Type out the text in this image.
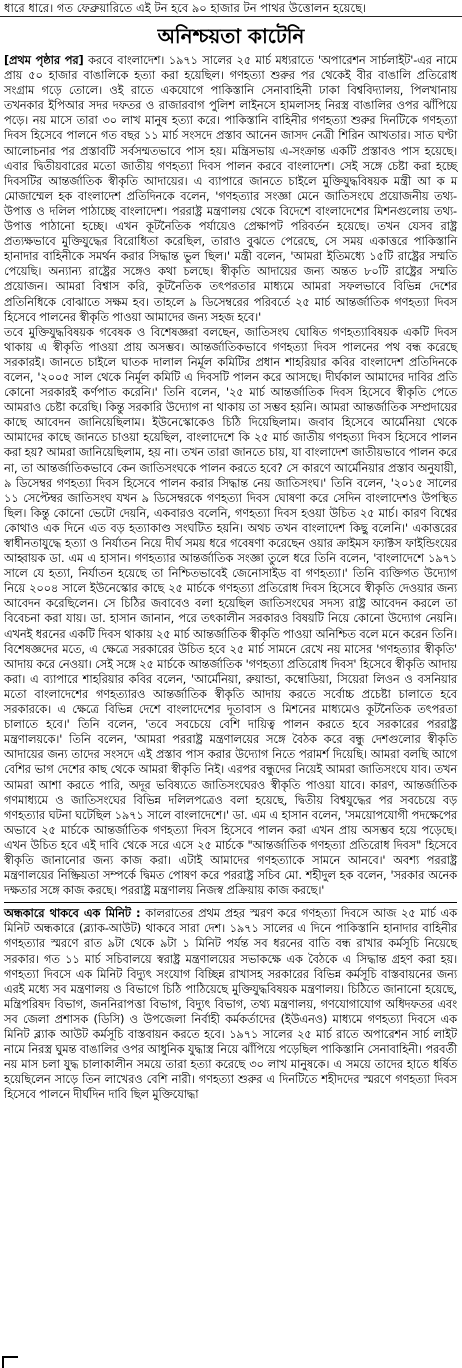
ধারে ধারে। গত ফেব্রুয়ারিতে এই টন হবে ৯০ হাজার টন পাথর উত্তোলন হয়েছে।
অনিশ্চয়তা কাটেনি

[প্রথম পৃষ্ঠার পর] করবে বাংলাদেশ। ১৯৭১ সালের ২৫ মার্চ মধ্যরাতে 'অপারেশন সার্চলাইট'-এর নামে প্রায় ৫০ হাজার বাঙালিকে হত্যা করা হয়েছিল। গণহত্যা শুরুর পর থেকেই বীর বাঙালি প্রতিরোধ সংগ্রাম গড়ে তোলে। ওই রাতে একযোগে পাকিস্তানি সেনাবাহিনী ঢাকা বিশ্ববিদ্যালয়, পিলখানায় তখনকার ইপিআর সদর দফতর ও রাজারবাগ পুলিশ লাইনসে হামলাসহ নিরস্ত্র বাঙালির ওপর ঝাঁপিয়ে পড়ে। নয় মাসে তারা ৩০ লাখ মানুষ হত্যা করে। পাকিস্তানি বাহিনীর গণহত্যা শুরুর দিনটিকে গণহত্যা দিবস হিসেবে পালনে গত বছর ১১ মার্চ সংসদে প্রস্তাব আনেন জাসদ নেত্রী শিরিন আখতার। সাত ঘণ্টা আলোচনার পর প্রস্তাবটি সর্বসম্মতভাবে পাস হয়। মন্ত্রিসভায় এ-সংক্রান্ত একটি প্রস্তাবও পাস হয়েছে। এবার দ্বিতীয়বারের মতো জাতীয় গণহত্যা দিবস পালন করবে বাংলাদেশ। সেই সঙ্গে চেষ্টা করা হচ্ছে দিবসটির আন্তর্জাতিক স্বীকৃতি আদায়ের। এ ব্যাপারে জানতে চাইলে মুক্তিযুদ্ধবিষয়ক মন্ত্রী আ ক ম মোজাম্মেল হক বাংলাদেশ প্রতিদিনকে বলেন, 'গণহত্যার সংজ্ঞা মেনে জাতিসংঘে প্রয়োজনীয় তথ্য-উপাত্ত ও দলিল পাঠাচ্ছে বাংলাদেশ। পররাষ্ট্র মন্ত্রণালয় থেকে বিদেশে বাংলাদেশের মিশনগুলোয় তথ্য-উপাত্ত পাঠানো হচ্ছে। এখন কূটনৈতিক পর্যায়েও প্রেক্ষাপট পরিবর্তন হয়েছে। তখন যেসব রাষ্ট্র প্রত্যক্ষভাবে মুক্তিযুদ্ধের বিরোধিতা করেছিল, তারাও বুঝতে পেরেছে, সে সময় একাত্তরে পাকিস্তানি হানাদার বাহিনীকে সমর্থন করার সিদ্ধান্ত ভুল ছিল।' মন্ত্রী বলেন, 'আমরা ইতিমধ্যে ১৫টি রাষ্ট্রের সম্মতি পেয়েছি। অন্যান্য রাষ্ট্রের সঙ্গেও কথা চলছে। স্বীকৃতি আদায়ের জন্য অন্তত ৮০টি রাষ্ট্রের সম্মতি প্রয়োজন। আমরা বিশ্বাস করি, কূটনৈতিক তৎপরতার মাধ্যমে আমরা সফলভাবে বিভিন্ন দেশের প্রতিনিধিকে বোঝাতে সক্ষম হব। তাহলে ৯ ডিসেম্বরের পরিবর্তে ২৫ মার্চ আন্তর্জাতিক গণহত্যা দিবস হিসেবে পালনের স্বীকৃতি পাওয়া আমাদের জন্য সহজ হবে।'

তবে মুক্তিযুদ্ধবিষয়ক গবেষক ও বিশেষজ্ঞরা বলছেন, জাতিসংঘ ঘোষিত গণহত্যাবিষয়ক একটি দিবস থাকায় এ স্বীকৃতি পাওয়া প্রায় অসম্ভব। আন্তর্জাতিকভাবে গণহত্যা দিবস পালনের পথ বন্ধ করেছে সরকারই। জানতে চাইলে ঘাতক দালাল নির্মূল কমিটির প্রধান শাহরিয়ার কবির বাংলাদেশ প্রতিদিনকে বলেন, '২০০৫ সাল থেকে নির্মূল কমিটি এ দিবসটি পালন করে আসছে। দীর্ঘকাল আমাদের দাবির প্রতি কোনো সরকারই কর্ণপাত করেনি।' তিনি বলেন, '২৫ মার্চ আন্তর্জাতিক দিবস হিসেবে স্বীকৃতি পেতে আমরাও চেষ্টা করেছি। কিন্তু সরকারি উদ্যোগ না থাকায় তা সম্ভব হয়নি। আমরা আন্তর্জাতিক সম্প্রদায়ের কাছে আবেদন জানিয়েছিলাম। ইউনেস্কোকেও চিঠি দিয়েছিলাম। জবাব হিসেবে আর্মেনিয়া থেকে আমাদের কাছে জানতে চাওয়া হয়েছিল, বাংলাদেশে কি ২৫ মার্চ জাতীয় গণহত্যা দিবস হিসেবে পালন করা হয়? আমরা জানিয়েছিলাম, হয় না। তখন তারা জানতে চায়, যা বাংলাদেশ জাতীয়ভাবে পালন করে না, তা আন্তর্জাতিকভাবে কেন জাতিসংঘকে পালন করতে হবে? সে কারণে আর্মেনিয়ার প্রস্তাব অনুযায়ী, ৯ ডিসেম্বর গণহত্যা দিবস হিসেবে পালন করার সিদ্ধান্ত নেয় জাতিসংঘ।' তিনি বলেন, '২০১৫ সালের ১১ সেপ্টেম্বর জাতিসংঘ যখন ৯ ডিসেম্বরকে গণহত্যা দিবস ঘোষণা করে সেদিন বাংলাদেশও উপস্থিত ছিল। কিন্তু কোনো ভেটো দেয়নি, একবারও বলেনি, গণহত্যা দিবস হওয়া উচিত ২৫ মার্চ। কারণ বিশ্বের কোথাও এক দিনে এত বড় হত্যাকাণ্ড সংঘটিত হয়নি। অথচ তখন বাংলাদেশ কিছু বলেনি।' একাত্তরের স্বাধীনতাযুদ্ধে হত্যা ও নির্যাতন নিয়ে দীর্ঘ সময় ধরে গবেষণা করেছেন ওয়ার ক্রাইমস ফ্যাক্টস ফাইন্ডিংয়ের আহ্বায়ক ডা. এম এ হাসান। গণহত্যার আন্তর্জাতিক সংজ্ঞা তুলে ধরে তিনি বলেন, 'বাংলাদেশে ১৯৭১ সালে যে হত্যা, নির্যাতন হয়েছে তা নিশ্চিতভাবেই জেনোসাইড বা গণহত্যা।' তিনি ব্যক্তিগত উদ্যোগ নিয়ে ২০০৪ সালে ইউনেস্কোর কাছে ২৫ মার্চকে গণহত্যা প্রতিরোধ দিবস হিসেবে স্বীকৃতি দেওয়ার জন্য আবেদন করেছিলেন। সে চিঠির জবাবেও বলা হয়েছিল জাতিসংঘের সদস্য রাষ্ট্র আবেদন করলে তা বিবেচনা করা যায়। ডা. হাসান জানান, পরে তৎকালীন সরকারও বিষয়টি নিয়ে কোনো উদ্যোগ নেয়নি। এখনই ধরনের একটি দিবস থাকায় ২৫ মার্চ আন্তর্জাতিক স্বীকৃতি পাওয়া অনিশ্চিত বলে মনে করেন তিনি। বিশেষজ্ঞদের মতে, এ ক্ষেত্রে সরকারের উচিত হবে ২৫ মার্চ সামনে রেখে নয় মাসের 'গণহত্যার স্বীকৃতি' আদায় করে নেওয়া। সেই সঙ্গে ২৫ মার্চকে আন্তর্জাতিক 'গণহত্যা প্রতিরোধ দিবস' হিসেবে স্বীকৃতি আদায় করা। এ ব্যাপারে শাহরিয়ার কবির বলেন, 'আর্মেনিয়া, রুয়ান্ডা, কম্বোডিয়া, সিয়েরা লিওন ও বসনিয়ার মতো বাংলাদেশের গণহত্যারও আন্তর্জাতিক স্বীকৃতি আদায় করতে সর্বোচ্চ প্রচেষ্টা চালাতে হবে সরকারকে। এ ক্ষেত্রে বিভিন্ন দেশে বাংলাদেশের দূতাবাস ও মিশনের মাধ্যমেও কূটনৈতিক তৎপরতা চালাতে হবে।' তিনি বলেন, 'তবে সবচেয়ে বেশি দায়িত্ব পালন করতে হবে সরকারের পররাষ্ট্র মন্ত্রণালয়কে।' তিনি বলেন, 'আমরা পররাষ্ট্র মন্ত্রণালয়ের সঙ্গে বৈঠক করে বন্ধু দেশগুলোর স্বীকৃতি আদায়ের জন্য তাদের সংসদে এই প্রস্তাব পাস করার উদ্যোগ নিতে পরামর্শ দিয়েছি। আমরা বলছি আগে বেশির ভাগ দেশের কাছ থেকে আমরা স্বীকৃতি নিই। এরপর বন্ধুদের নিয়েই আমরা জাতিসংঘে যাব। তখন আমরা আশা করতে পারি, অদূর ভবিষ্যতে জাতিসংঘেরও স্বীকৃতি পাওয়া যাবে। কারণ, আন্তর্জাতিক গণমাধ্যমে ও জাতিসংঘের বিভিন্ন দলিলপত্রেও বলা হয়েছে, দ্বিতীয় বিশ্বযুদ্ধের পর সবচেয়ে বড় গণহত্যার ঘটনা ঘটেছিল ১৯৭১ সালে বাংলাদেশে।' ডা. এম এ হাসান বলেন, 'সময়োপযোগী পদক্ষেপের অভাবে ২৫ মার্চকে আন্তর্জাতিক গণহত্যা দিবস হিসেবে পালন করা এখন প্রায় অসম্ভব হয়ে পড়েছে। এখন উচিত হবে এই দাবি থেকে সরে এসে ২৫ মার্চকে "আন্তর্জাতিক গণহত্যা প্রতিরোধ দিবস" হিসেবে স্বীকৃতি জানানোর জন্য কাজ করা। এটাই আমাদের গণহত্যাকে সামনে আনবে।' অবশ্য পররাষ্ট্র মন্ত্রণালয়ের নিষ্ক্রিয়তা সম্পর্কে দ্বিমত পোষণ করে পররাষ্ট্র সচিব মো. শহীদুল হক বলেন, 'সরকার অনেক দক্ষতার সঙ্গে কাজ করছে। পররাষ্ট্র মন্ত্রণালয় নিজস্ব প্রক্রিয়ায় কাজ করছে।'

অন্ধকারে থাকবে এক মিনিট : কালরাতের প্রথম প্রহর স্মরণ করে গণহত্যা দিবসে আজ ২৫ মার্চ এক মিনিট অন্ধকারে (ব্ল্যাক-আউট) থাকবে সারা দেশ। ১৯৭১ সালের এ দিনে পাকিস্তানি হানাদার বাহিনীর গণহত্যার স্মরণে রাত ৯টা থেকে ৯টা ১ মিনিট পর্যন্ত সব ধরনের বাতি বন্ধ রাখার কর্মসূচি নিয়েছে সরকার। গত ১১ মার্চ সচিবালয়ে স্বরাষ্ট্র মন্ত্রণালয়ের সভাকক্ষে এক বৈঠকে এ সিদ্ধান্ত গ্রহণ করা হয়। গণহত্যা দিবসে এক মিনিট বিদ্যুৎ সংযোগ বিচ্ছিন্ন রাখাসহ সরকারের বিভিন্ন কর্মসূচি বাস্তবায়নের জন্য এরই মধ্যে সব মন্ত্রণালয় ও বিভাগে চিঠি পাঠিয়েছে মুক্তিযুদ্ধবিষয়ক মন্ত্রণালয়। চিঠিতে জানানো হয়েছে, মন্ত্রিপরিষদ বিভাগ, জননিরাপত্তা বিভাগ, বিদ্যুৎ বিভাগ, তথ্য মন্ত্রণালয়, গণযোগাযোগ অধিদফতর এবং সব জেলা প্রশাসক (ডিসি) ও উপজেলা নির্বাহী কর্মকর্তাদের (ইউএনও) মাধ্যমে গণহত্যা দিবসে এক মিনিট ব্ল্যাক আউট কর্মসূচি বাস্তবায়ন করতে হবে। ১৯৭১ সালের ২৫ মার্চ রাতে অপারেশন সার্চ লাইট নামে নিরস্ত্র ঘুমন্ত বাঙালির ওপর আধুনিক যুদ্ধাস্ত্র নিয়ে ঝাঁপিয়ে পড়েছিল পাকিস্তানি সেনাবাহিনী। পরবর্তী নয় মাস চলা যুদ্ধ চালাকালীন সময়ে তারা হত্যা করেছে ৩০ লাখ মানুষকে। এ সময়ে তাদের হাতে ধর্ষিত হয়েছিলেন সাড়ে তিন লাখেরও বেশি নারী। গণহত্যা শুরুর এ দিনটিতে শহীদদের স্মরণে গণহত্যা দিবস হিসেবে পালনে দীর্ঘদিন দাবি ছিল মুক্তিযোদ্ধা
